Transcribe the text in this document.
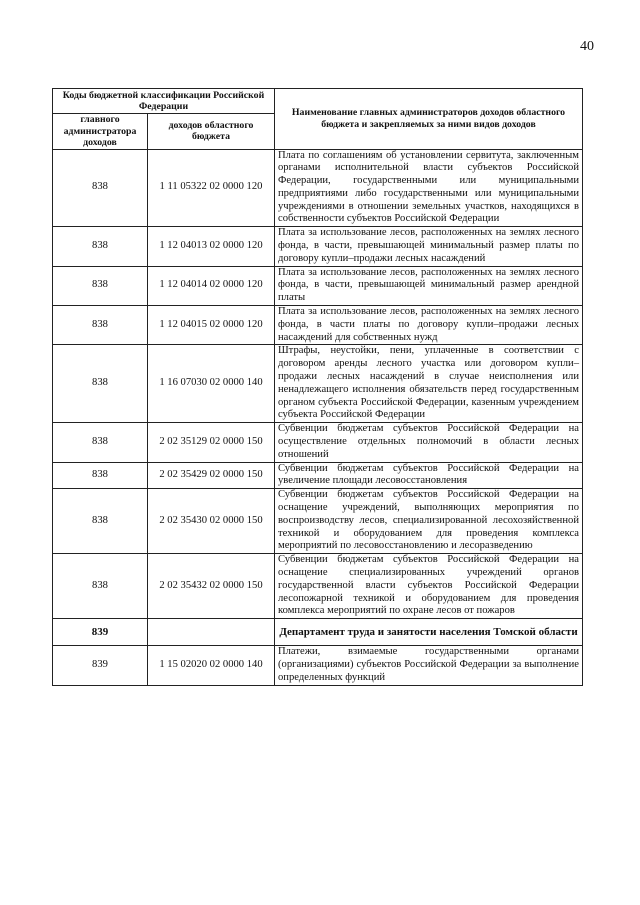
40
Коды бюджетной классификации Российской Федерации		Наименование главных администраторов доходов областного бюджета и закрепляемых за ними видов доходов
главного администратора доходов	доходов областного бюджета	
838	1 11 05322 02 0000 120	Плата по соглашениям об установлении сервитута, заключенным органами исполнительной власти субъектов Российской Федерации, государственными или муниципальными предприятиями либо государственными или муниципальными учреждениями в отношении земельных участков, находящихся в собственности субъектов Российской Федерации
838	1 12 04013 02 0000 120	Плата за использование лесов, расположенных на землях лесного фонда, в части, превышающей минимальный размер платы по договору купли–продажи лесных насаждений
838	1 12 04014 02 0000 120	Плата за использование лесов, расположенных на землях лесного фонда, в части, превышающей минимальный размер арендной платы
838	1 12 04015 02 0000 120	Плата за использование лесов, расположенных на землях лесного фонда, в части платы по договору купли–продажи лесных насаждений для собственных нужд
838	1 16 07030 02 0000 140	Штрафы, неустойки, пени, уплаченные в соответствии с договором аренды лесного участка или договором купли–продажи лесных насаждений в случае неисполнения или ненадлежащего исполнения обязательств перед государственным органом субъекта Российской Федерации, казенным учреждением субъекта Российской Федерации
838	2 02 35129 02 0000 150	Субвенции бюджетам субъектов Российской Федерации на осуществление отдельных полномочий в области лесных отношений
838	2 02 35429 02 0000 150	Субвенции бюджетам субъектов Российской Федерации на увеличение площади лесовосстановления
838	2 02 35430 02 0000 150	Субвенции бюджетам субъектов Российской Федерации на оснащение учреждений, выполняющих мероприятия по воспроизводству лесов, специализированной лесохозяйственной техникой и оборудованием для проведения комплекса мероприятий по лесовосстановлению и лесоразведению
838	2 02 35432 02 0000 150	Субвенции бюджетам субъектов Российской Федерации на оснащение специализированных учреждений органов государственной власти субъектов Российской Федерации лесопожарной техникой и оборудованием для проведения комплекса мероприятий по охране лесов от пожаров
839		Департамент труда и занятости населения Томской области
839	1 15 02020 02 0000 140	Платежи, взимаемые государственными органами (организациями) субъектов Российской Федерации за выполнение определенных функций
